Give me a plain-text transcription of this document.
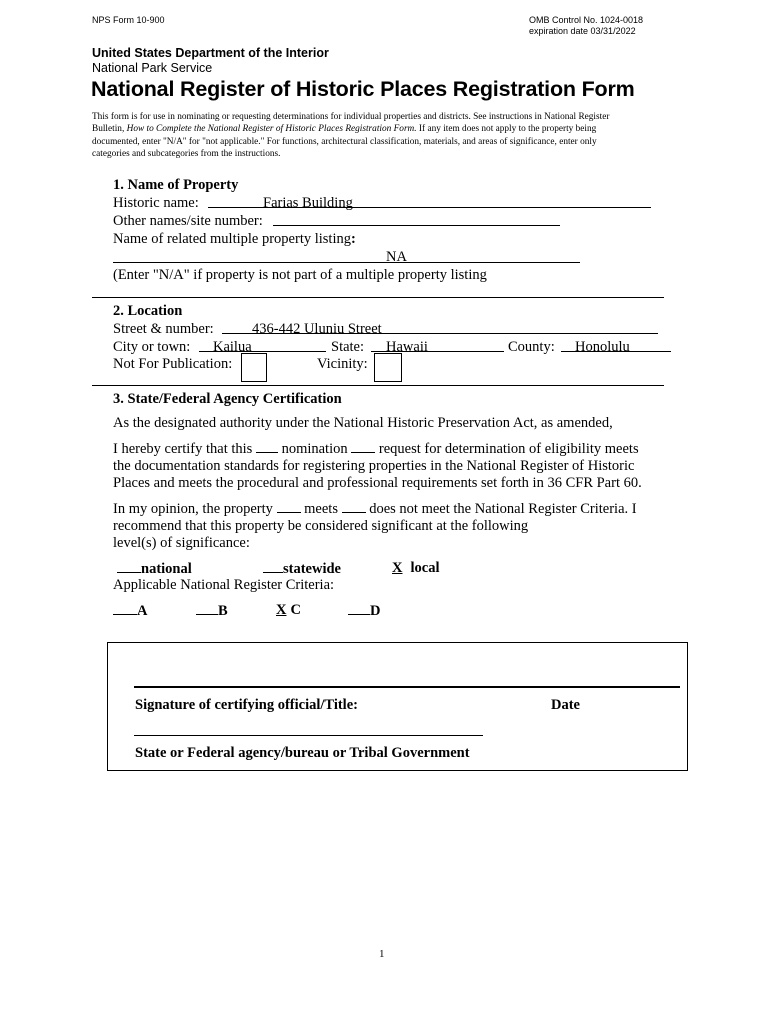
NPS Form 10-900	OMB Control No. 1024-0018
expiration date 03/31/2022
United States Department of the Interior
National Park Service
National Register of Historic Places Registration Form
This form is for use in nominating or requesting determinations for individual properties and districts. See instructions in National Register
Bulletin, How to Complete the National Register of Historic Places Registration Form. If any item does not apply to the property being
documented, enter "N/A" for "not applicable." For functions, architectural classification, materials, and areas of significance, enter only
categories and subcategories from the instructions.
1. Name of Property
Historic name:	Farias Building
Other names/site number:
Name of related multiple property listing:
NA
(Enter "N/A" if property is not part of a multiple property listing
2. Location
Street & number:	436-442 Uluniu Street
City or town: Kailua	State: Hawaii	County: Honolulu
Not For Publication:	Vicinity:
3. State/Federal Agency Certification
As the designated authority under the National Historic Preservation Act, as amended,
I hereby certify that this nomination request for determination of eligibility meets
the documentation standards for registering properties in the National Register of Historic
Places and meets the procedural and professional requirements set forth in 36 CFR Part 60.
In my opinion, the property meets does not meet the National Register Criteria. I
recommend that this property be considered significant at the following
level(s) of significance:
national	statewide	X local
Applicable National Register Criteria:
A	B	X C	D
Signature of certifying official/Title:	Date
State or Federal agency/bureau or Tribal Government
1
